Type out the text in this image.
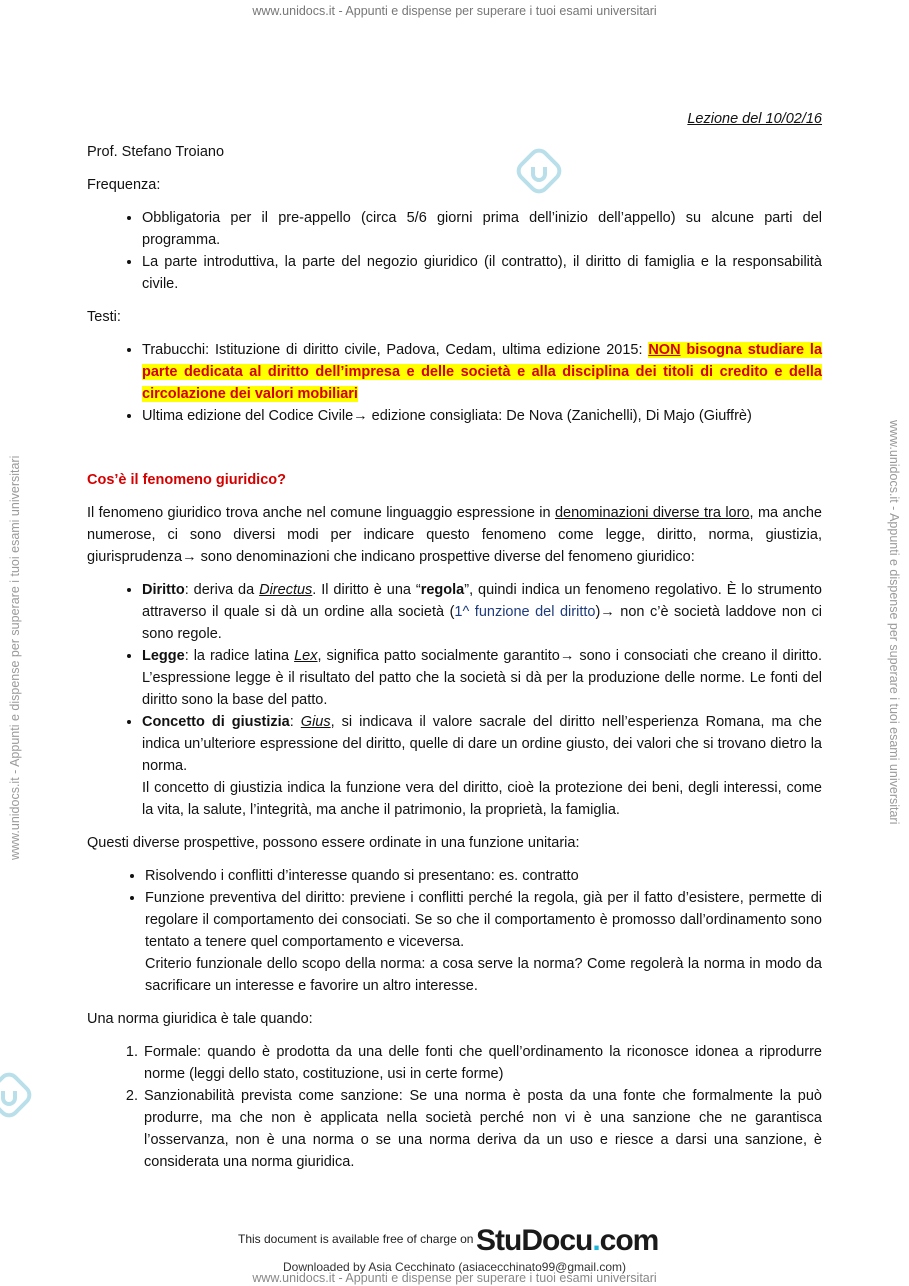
www.unidocs.it - Appunti e dispense per superare i tuoi esami universitari
www.unidocs.it - Appunti e dispense per superare i tuoi esami universitari	www.unidocs.it - Appunti e dispense per superare i tuoi esami universitari

Lezione del 10/02/16

Prof. Stefano Troiano

Frequenza:

• Obbligatoria per il pre-appello (circa 5/6 giorni prima dell’inizio dell’appello) su alcune parti del programma.
• La parte introduttiva, la parte del negozio giuridico (il contratto), il diritto di famiglia e la responsabilità civile.

Testi:

• Trabucchi: Istituzione di diritto civile, Padova, Cedam, ultima edizione 2015: NON bisogna studiare la parte dedicata al diritto dell’impresa e delle società e alla disciplina dei titoli di credito e della circolazione dei valori mobiliari
• Ultima edizione del Codice Civile→ edizione consigliata: De Nova (Zanichelli), Di Majo (Giuffrè)

Cos’è il fenomeno giuridico?

Il fenomeno giuridico trova anche nel comune linguaggio espressione in denominazioni diverse tra loro, ma anche numerose, ci sono diversi modi per indicare questo fenomeno come legge, diritto, norma, giustizia, giurisprudenza→ sono denominazioni che indicano prospettive diverse del fenomeno giuridico:

• Diritto: deriva da Directus. Il diritto è una “regola”, quindi indica un fenomeno regolativo. È lo strumento attraverso il quale si dà un ordine alla società (1^ funzione del diritto)→ non c’è società laddove non ci sono regole.
• Legge: la radice latina Lex, significa patto socialmente garantito→ sono i consociati che creano il diritto. L’espressione legge è il risultato del patto che la società si dà per la produzione delle norme. Le fonti del diritto sono la base del patto.
• Concetto di giustizia: Gius, si indicava il valore sacrale del diritto nell’esperienza Romana, ma che indica un’ulteriore espressione del diritto, quelle di dare un ordine giusto, dei valori che si trovano dietro la norma.
Il concetto di giustizia indica la funzione vera del diritto, cioè la protezione dei beni, degli interessi, come la vita, la salute, l’integrità, ma anche il patrimonio, la proprietà, la famiglia.

Questi diverse prospettive, possono essere ordinate in una funzione unitaria:

• Risolvendo i conflitti d’interesse quando si presentano: es. contratto
• Funzione preventiva del diritto: previene i conflitti perché la regola, già per il fatto d’esistere, permette di regolare il comportamento dei consociati. Se so che il comportamento è promosso dall’ordinamento sono tentato a tenere quel comportamento e viceversa.
Criterio funzionale dello scopo della norma: a cosa serve la norma? Come regolerà la norma in modo da sacrificare un interesse e favorire un altro interesse.

Una norma giuridica è tale quando:

1. Formale: quando è prodotta da una delle fonti che quell’ordinamento la riconosce idonea a riprodurre norme (leggi dello stato, costituzione, usi in certe forme)
2. Sanzionabilità prevista come sanzione: Se una norma è posta da una fonte che formalmente la può produrre, ma che non è applicata nella società perché non vi è una sanzione che ne garantisca l’osservanza, non è una norma o se una norma deriva da un uso e riesce a darsi una sanzione, è considerata una norma giuridica.
This document is available free of charge on StuDocu.com
Downloaded by Asia Cecchinato (asiacecchinato99@gmail.com)
www.unidocs.it - Appunti e dispense per superare i tuoi esami universitari
